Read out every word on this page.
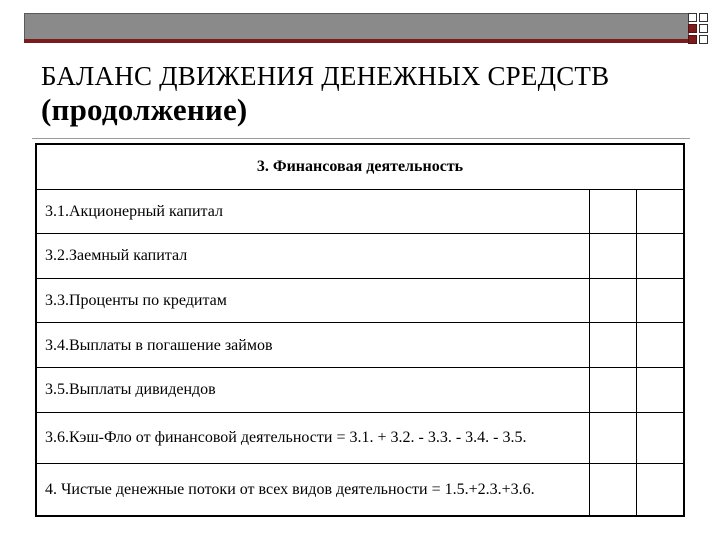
БАЛАНС ДВИЖЕНИЯ ДЕНЕЖНЫХ СРЕДСТВ
(продолжение)
3. Финансовая деятельность		
3.1.Акционерный капитал		
3.2.Заемный капитал		
3.3.Проценты по кредитам		
3.4.Выплаты в погашение займов		
3.5.Выплаты дивидендов		
3.6.Кэш-Фло от финансовой деятельности = 3.1. + 3.2. - 3.3. - 3.4. - 3.5.		
4. Чистые денежные потоки от всех видов деятельности = 1.5.+2.3.+3.6.		
